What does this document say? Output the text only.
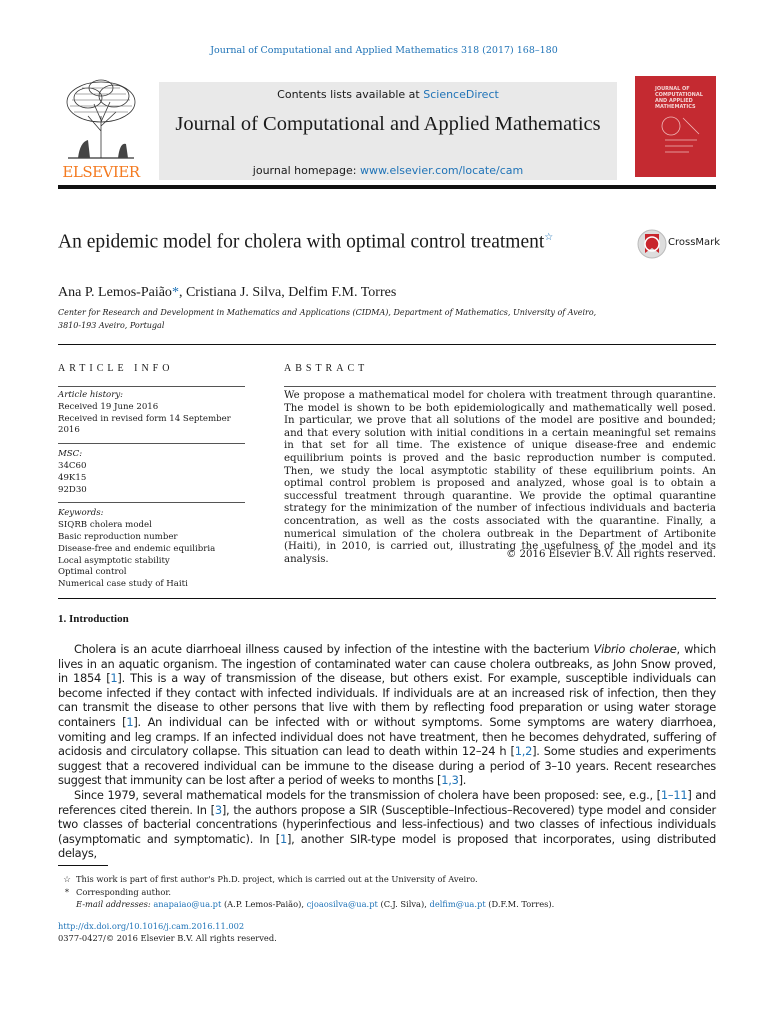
Journal of Computational and Applied Mathematics 318 (2017) 168–180
ELSEVIER
Contents lists available at ScienceDirect
Journal of Computational and Applied Mathematics
journal homepage: www.elsevier.com/locate/cam
JOURNAL OF COMPUTATIONAL AND APPLIED MATHEMATICS
An epidemic model for cholera with optimal control treatment☆	CrossMark
Ana P. Lemos-Paião*, Cristiana J. Silva, Delfim F.M. Torres
Center for Research and Development in Mathematics and Applications (CIDMA), Department of Mathematics, University of Aveiro,
3810-193 Aveiro, Portugal
ARTICLE INFO	ABSTRACT
Article history:
Received 19 June 2016
Received in revised form 14 September 2016
MSC:
34C60
49K15
92D30
Keywords:
SIQRB cholera model
Basic reproduction number
Disease-free and endemic equilibria
Local asymptotic stability
Optimal control
Numerical case study of Haiti
We propose a mathematical model for cholera with treatment through quarantine. The model is shown to be both epidemiologically and mathematically well posed. In particular, we prove that all solutions of the model are positive and bounded; and that every solution with initial conditions in a certain meaningful set remains in that set for all time. The existence of unique disease-free and endemic equilibrium points is proved and the basic reproduction number is computed. Then, we study the local asymptotic stability of these equilibrium points. An optimal control problem is proposed and analyzed, whose goal is to obtain a successful treatment through quarantine. We provide the optimal quarantine strategy for the minimization of the number of infectious individuals and bacteria concentration, as well as the costs associated with the quarantine. Finally, a numerical simulation of the cholera outbreak in the Department of Artibonite (Haiti), in 2010, is carried out, illustrating the usefulness of the model and its analysis.	© 2016 Elsevier B.V. All rights reserved.
1. Introduction

Cholera is an acute diarrhoeal illness caused by infection of the intestine with the bacterium Vibrio cholerae, which lives in an aquatic organism. The ingestion of contaminated water can cause cholera outbreaks, as John Snow proved, in 1854 [1]. This is a way of transmission of the disease, but others exist. For example, susceptible individuals can become infected if they contact with infected individuals. If individuals are at an increased risk of infection, then they can transmit the disease to other persons that live with them by reflecting food preparation or using water storage containers [1]. An individual can be infected with or without symptoms. Some symptoms are watery diarrhoea, vomiting and leg cramps. If an infected individual does not have treatment, then he becomes dehydrated, suffering of acidosis and circulatory collapse. This situation can lead to death within 12–24 h [1,2]. Some studies and experiments suggest that a recovered individual can be immune to the disease during a period of 3–10 years. Recent researches suggest that immunity can be lost after a period of weeks to months [1,3].

Since 1979, several mathematical models for the transmission of cholera have been proposed: see, e.g., [1–11] and references cited therein. In [3], the authors propose a SIR (Susceptible–Infectious–Recovered) type model and consider two classes of bacterial concentrations (hyperinfectious and less-infectious) and two classes of infectious individuals (asymptomatic and symptomatic). In [1], another SIR-type model is proposed that incorporates, using distributed delays,

☆ This work is part of first author's Ph.D. project, which is carried out at the University of Aveiro.
* Corresponding author.
E-mail addresses: anapaiao@ua.pt (A.P. Lemos-Paião), cjoaosilva@ua.pt (C.J. Silva), delfim@ua.pt (D.F.M. Torres).
http://dx.doi.org/10.1016/j.cam.2016.11.002
0377-0427/© 2016 Elsevier B.V. All rights reserved.
